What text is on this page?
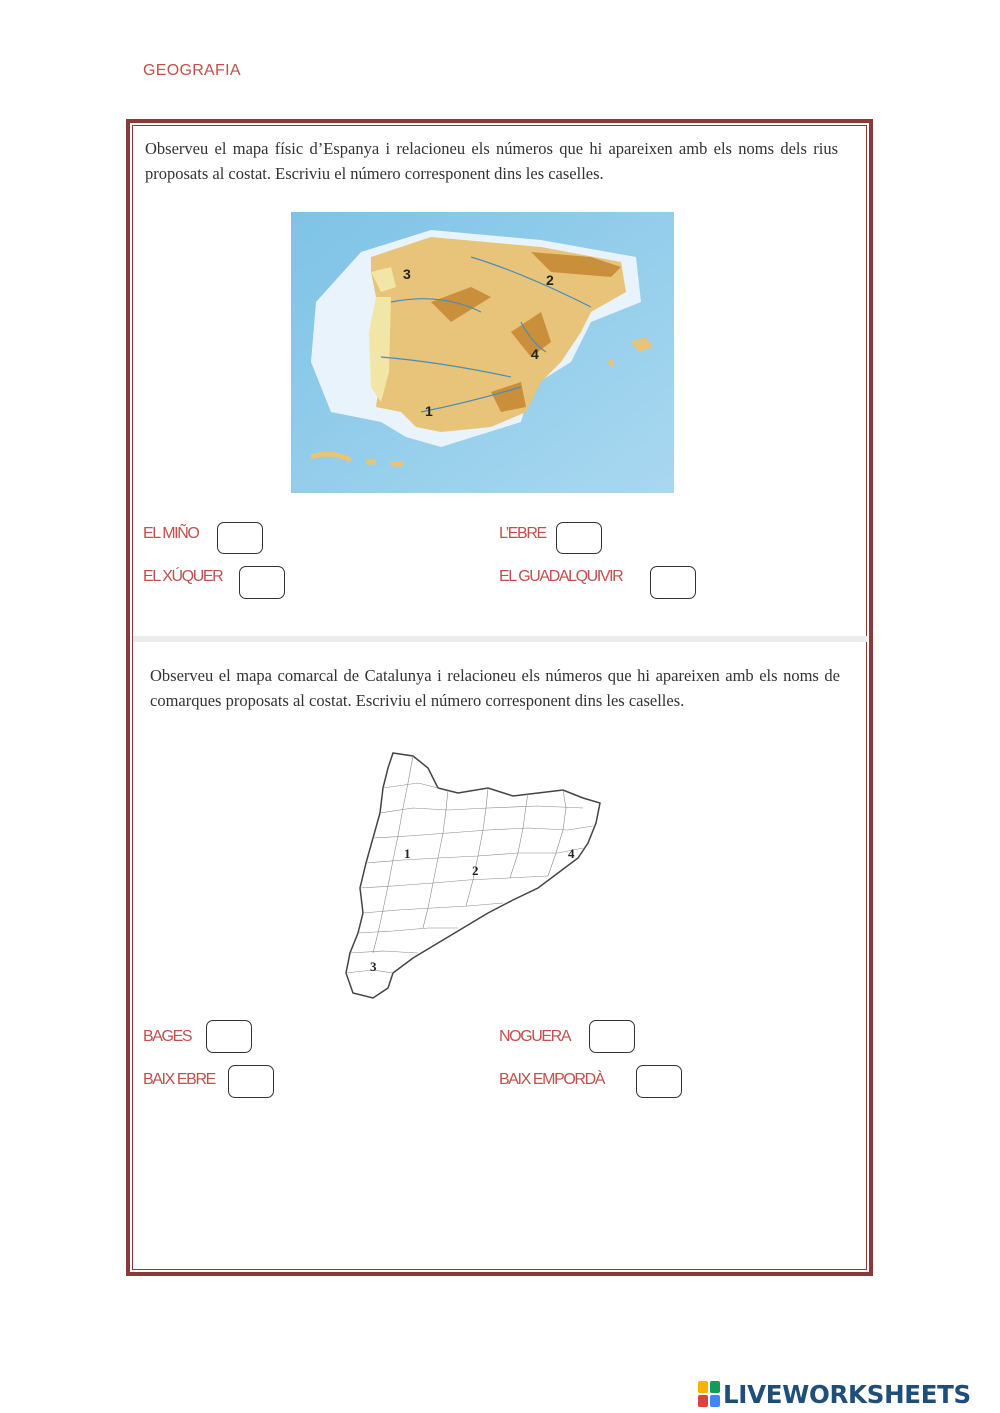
GEOGRAFIA
Observeu el mapa físic d’Espanya i relacioneu els números que hi apareixen amb els noms dels rius proposats al costat. Escriviu el número corresponent dins les caselles.
3	2
4
1
EL MIÑO	L’EBRE
EL XÚQUER	EL GUADALQUIVIR
Observeu el mapa comarcal de Catalunya i relacioneu els números que hi apareixen amb els noms de comarques proposats al costat. Escriviu el número corresponent dins les caselles.
4
1
2
3
BAGES	NOGUERA
BAIX EBRE	BAIX EMPORDÀ
LIVEWORKSHEETS
